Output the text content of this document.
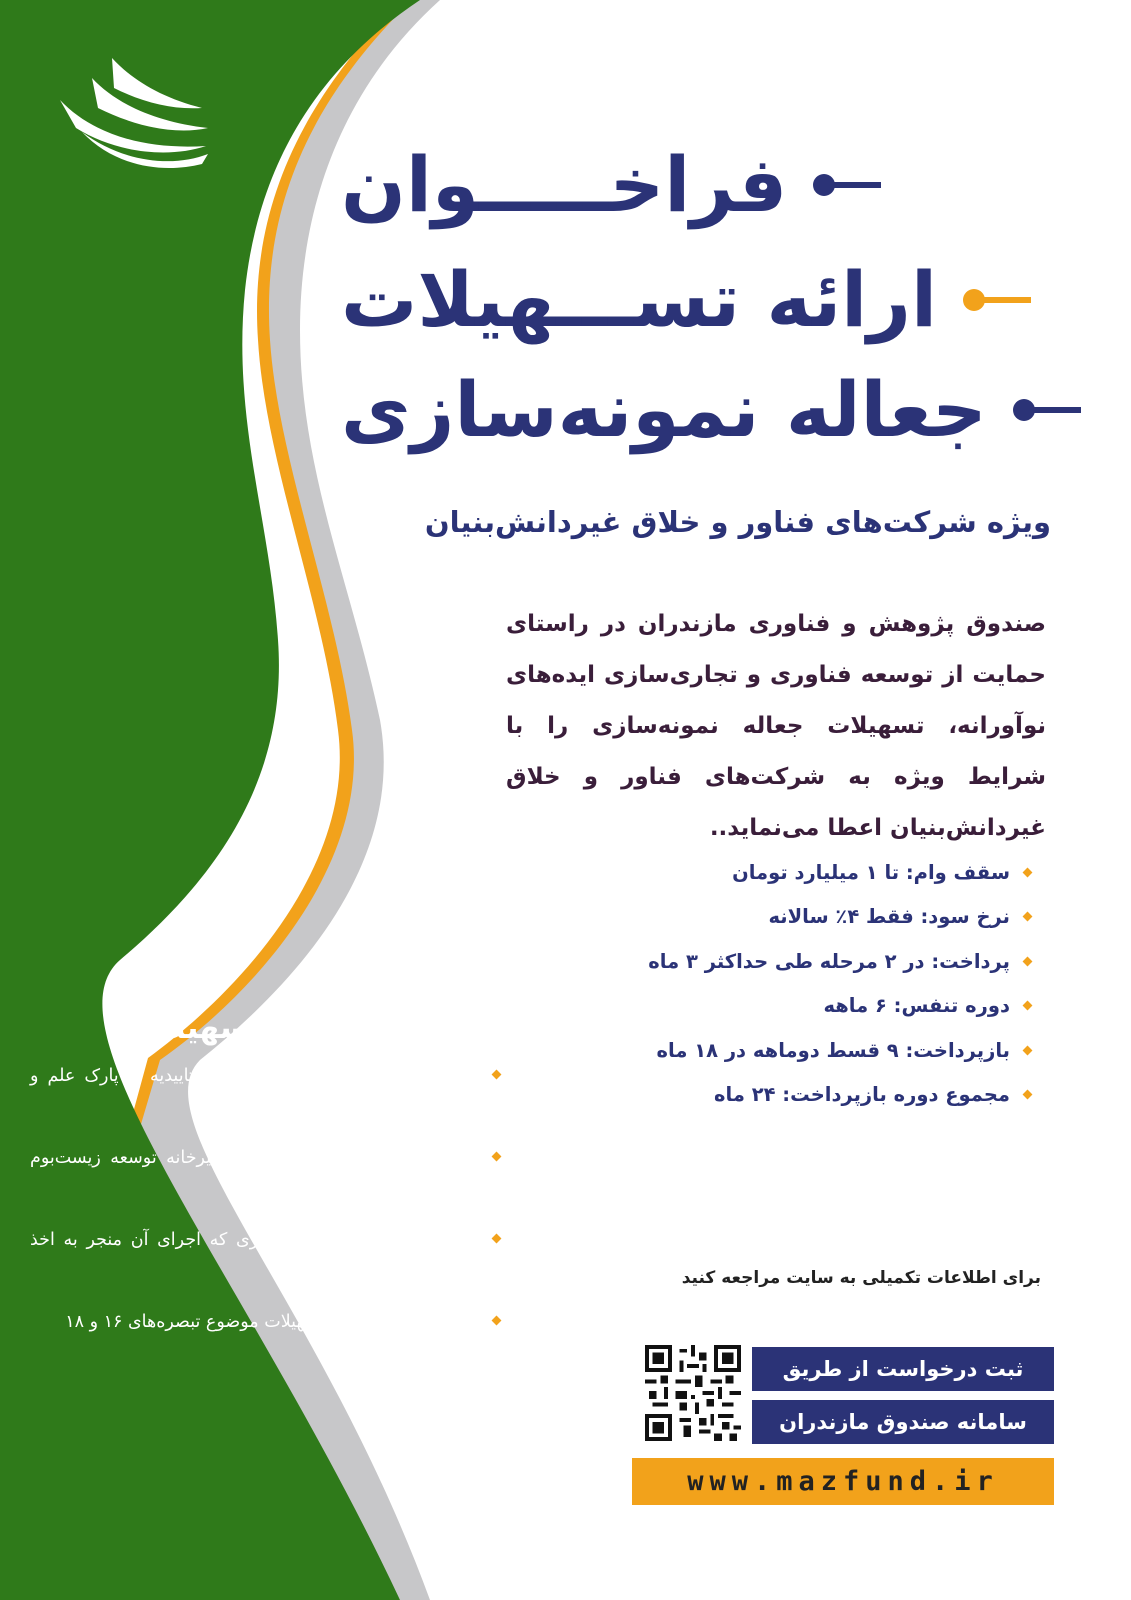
فراخـــــوان
ارائه تســـهیلات
جعاله نمونه‌سازی
ویژه شرکت‌های فناور و خلاق غیردانش‌بنیان

صندوق پژوهش و فناوری مازندران در راستای حمایت از توسعه فناوری و تجاری‌سازی ایده‌های نوآورانه، تسهیلات جعاله نمونه‌سازی را با شرایط ویژه به شرکت‌های فناور و خلاق غیردانش‌بنیان اعطا می‌نماید..

سقف وام: تا ۱ میلیارد تومان
نرخ سود: فقط ۴٪ سالانه
پرداخت: در ۲ مرحله طی حداکثر ۳ ماه
دوره تنفس: ۶ ماهه
بازپرداخت: ۹ قسط دوماهه در ۱۸ ماه
مجموع دوره بازپرداخت: ۲۴ ماه
شرایط دریافت تسهیلات
شرکت‌های فناور غیردانش‌بنیان دارای تاییدیه از پارک علم و فناوری مازندران
شرکت‌های خلاق دارای تاییدیه از دبیرخانه توسعه زیست‌بوم شرکت‌های خلاق استان مازندران
داشتن طرح مشخص نمونه‌سازی که اجرای آن منجر به اخذ مجوز دانش‌بنیان شود.
عدم استفاده قبلی از تسهیلات موضوع تبصره‌های ۱۶ و ۱۸
برای اطلاعات تکمیلی به سایت مراجعه کنید
ثبت درخواست از طریق
سامانه صندوق مازندران
www.mazfund.ir
